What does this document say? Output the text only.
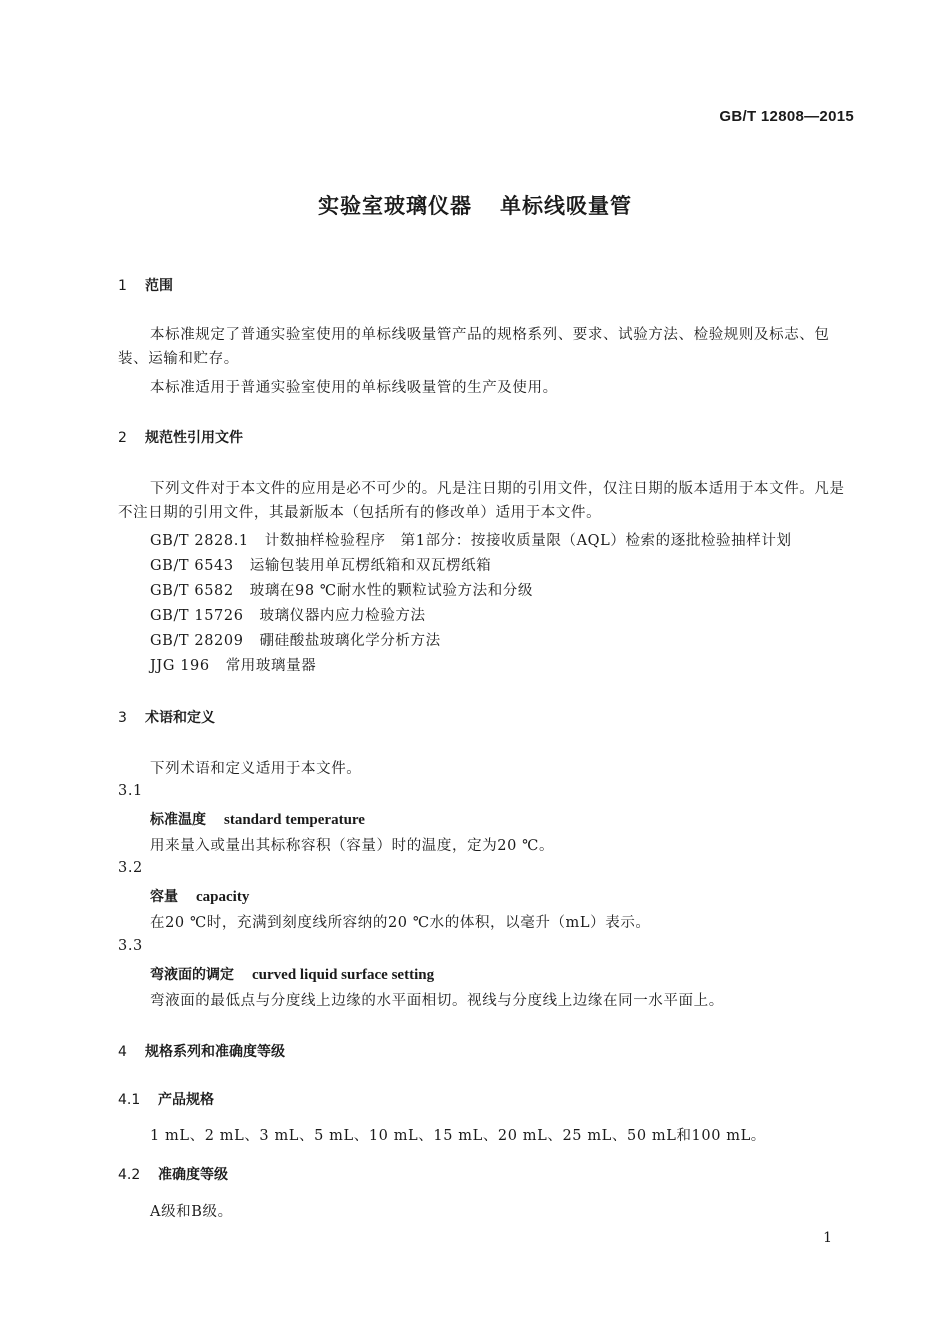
GB/T 12808—2015
实验室玻璃仪器 单标线吸量管
1 范围
本标准规定了普通实验室使用的单标线吸量管产品的规格系列、要求、试验方法、检验规则及标志、包装、运输和贮存。
本标准适用于普通实验室使用的单标线吸量管的生产及使用。
2 规范性引用文件
下列文件对于本文件的应用是必不可少的。凡是注日期的引用文件，仅注日期的版本适用于本文件。凡是不注日期的引用文件，其最新版本（包括所有的修改单）适用于本文件。
GB/T 2828.1 计数抽样检验程序　第1部分：按接收质量限（AQL）检索的逐批检验抽样计划
GB/T 6543 运输包装用单瓦楞纸箱和双瓦楞纸箱
GB/T 6582 玻璃在98 ℃耐水性的颗粒试验方法和分级
GB/T 15726 玻璃仪器内应力检验方法
GB/T 28209 硼硅酸盐玻璃化学分析方法
JJG 196 常用玻璃量器
3 术语和定义
下列术语和定义适用于本文件。
3.1
标准温度 standard temperature
用来量入或量出其标称容积（容量）时的温度，定为20 ℃。
3.2
容量 capacity
在20 ℃时，充满到刻度线所容纳的20 ℃水的体积，以毫升（mL）表示。
3.3
弯液面的调定 curved liquid surface setting
弯液面的最低点与分度线上边缘的水平面相切。视线与分度线上边缘在同一水平面上。
4 规格系列和准确度等级
4.1 产品规格
1 mL、2 mL、3 mL、5 mL、10 mL、15 mL、20 mL、25 mL、50 mL和100 mL。
4.2 准确度等级
A级和B级。
1
